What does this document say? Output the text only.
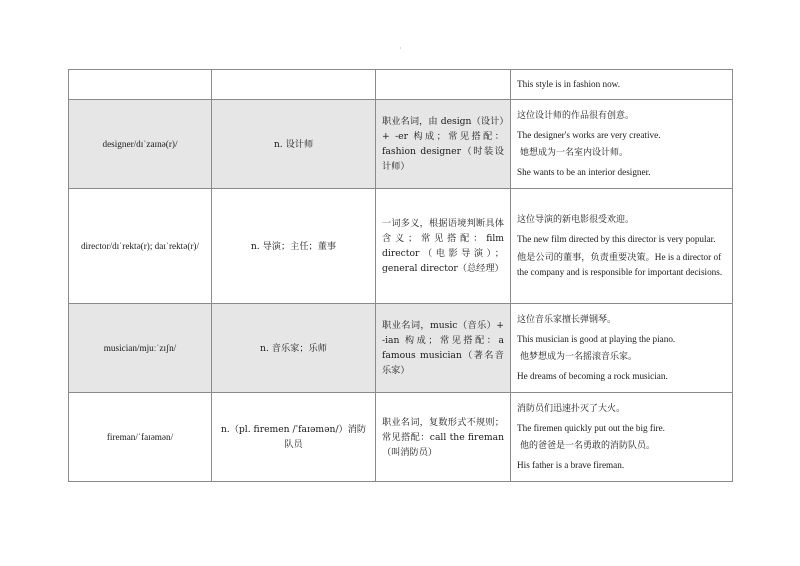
·

			This style is in fashion now.

designer/dɪˈzaɪnə(r)/	n. 设计师	职业名词，由 design（设计）+ -er 构成；常见搭配：fashion designer（时装设计师）	这位设计师的作品很有创意。

The designer's works are very creative.

她想成为一名室内设计师。

She wants to be an interior designer.

director/dɪˈrektə(r); daɪˈrektə(r)/	n. 导演；主任；董事	一词多义，根据语境判断具体含义；常见搭配：film director（电影导演）；general director（总经理）	这位导演的新电影很受欢迎。

The new film directed by this director is very popular.

他是公司的董事，负责重要决策。He is a director of the company and is responsible for important decisions.

musician/mjuːˈzɪʃn/	n. 音乐家；乐师	职业名词，music（音乐）+ -ian 构成；常见搭配：a famous musician（著名音乐家）	这位音乐家擅长弹钢琴。

This musician is good at playing the piano.

他梦想成为一名摇滚音乐家。

He dreams of becoming a rock musician.

fireman/ˈfaɪəmən/	n.（pl. firemen /ˈfaɪəmən/）消防队员	职业名词，复数形式不规则；常见搭配：call the fireman（叫消防员）	消防员们迅速扑灭了大火。

The firemen quickly put out the big fire.

他的爸爸是一名勇敢的消防队员。

His father is a brave fireman.
